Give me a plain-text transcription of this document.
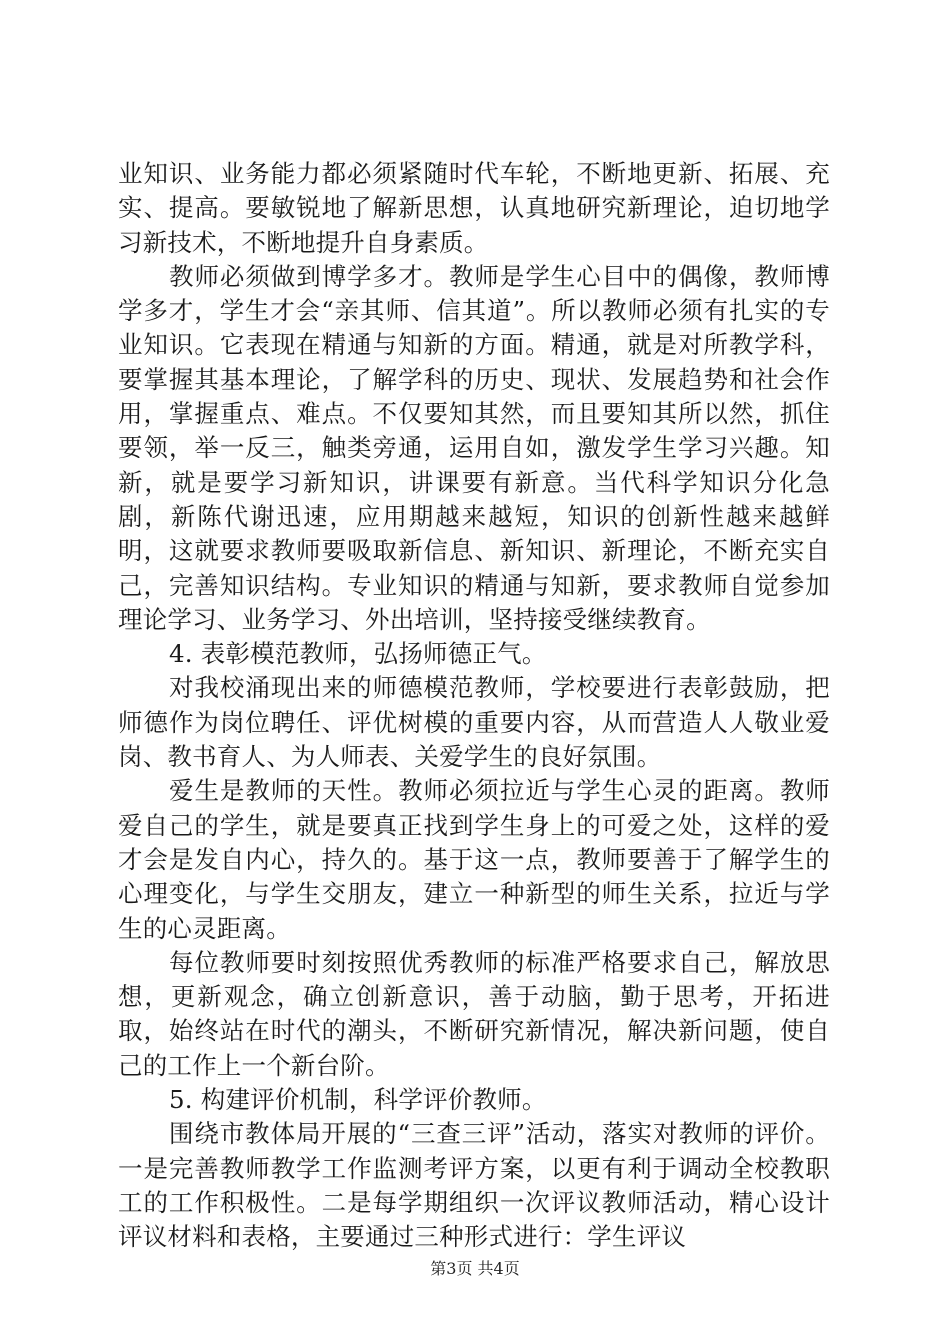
业知识、业务能力都必须紧随时代车轮，不断地更新、拓展、充实、提高。要敏锐地了解新思想，认真地研究新理论，迫切地学习新技术，不断地提升自身素质。

教师必须做到博学多才。教师是学生心目中的偶像，教师博学多才，学生才会“亲其师、信其道”。所以教师必须有扎实的专业知识。它表现在精通与知新的方面。精通，就是对所教学科，要掌握其基本理论，了解学科的历史、现状、发展趋势和社会作用，掌握重点、难点。不仅要知其然，而且要知其所以然，抓住要领，举一反三，触类旁通，运用自如，激发学生学习兴趣。知新，就是要学习新知识，讲课要有新意。当代科学知识分化急剧，新陈代谢迅速，应用期越来越短，知识的创新性越来越鲜明，这就要求教师要吸取新信息、新知识、新理论，不断充实自己，完善知识结构。专业知识的精通与知新，要求教师自觉参加理论学习、业务学习、外出培训，坚持接受继续教育。

4. 表彰模范教师，弘扬师德正气。

对我校涌现出来的师德模范教师，学校要进行表彰鼓励，把师德作为岗位聘任、评优树模的重要内容，从而营造人人敬业爱岗、教书育人、为人师表、关爱学生的良好氛围。

爱生是教师的天性。教师必须拉近与学生心灵的距离。教师爱自己的学生，就是要真正找到学生身上的可爱之处，这样的爱才会是发自内心，持久的。基于这一点，教师要善于了解学生的心理变化，与学生交朋友，建立一种新型的师生关系，拉近与学生的心灵距离。

每位教师要时刻按照优秀教师的标准严格要求自己，解放思想，更新观念，确立创新意识，善于动脑，勤于思考，开拓进取，始终站在时代的潮头，不断研究新情况，解决新问题，使自己的工作上一个新台阶。

5. 构建评价机制，科学评价教师。

围绕市教体局开展的“三查三评”活动，落实对教师的评价。一是完善教师教学工作监测考评方案，以更有利于调动全校教职工的工作积极性。二是每学期组织一次评议教师活动，精心设计评议材料和表格，主要通过三种形式进行：学生评议

第3页 共4页
